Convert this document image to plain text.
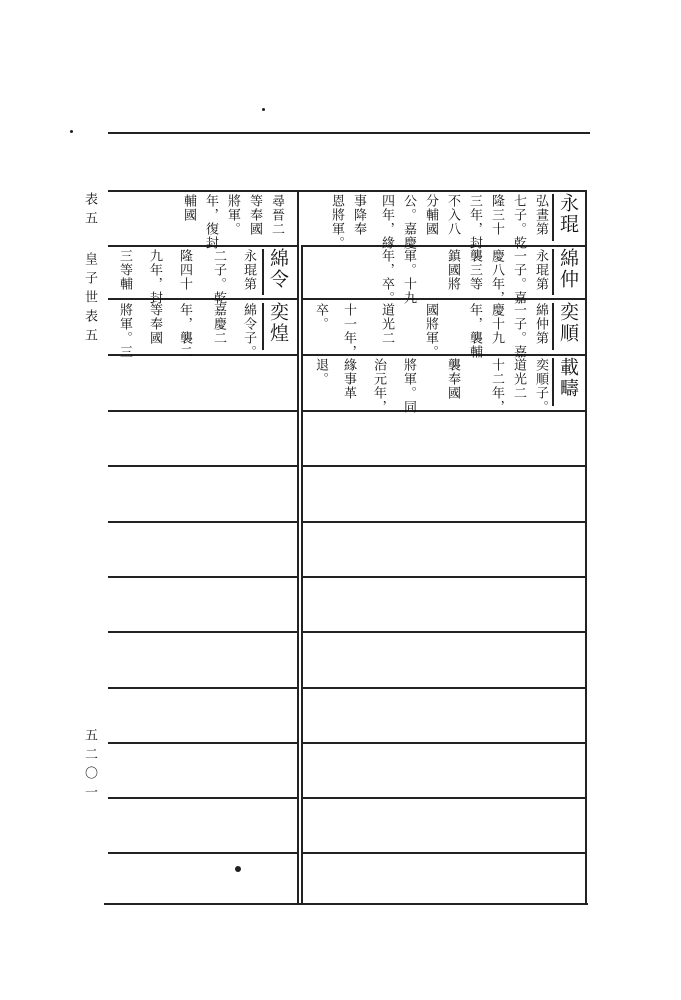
表五
皇子世表五
五二〇一
永琨
弘晝第
七子。乾
隆三十
三年，封
不入八
分輔國
公。嘉慶
四年，緣
事降奉
恩將軍。
尋晉二
等奉國
將軍。
年，復封
輔國
綿仲
永琨第
一子。嘉
慶八年，
襲三等
鎮國將
軍。十九
年，卒。
奕順
綿仲第
一子。嘉
慶十九
年，襲輔
國將軍。
道光二
十一年，
卒。
載疇
奕順子。
道光二
十二年，
襲奉國
將軍。同
治元年，
緣事革
退。
綿令
永琨第
二子。乾
隆四十
九年，封
三等輔
奕煌
綿令子。
嘉慶二
年，襲二
等奉國
將軍。三
